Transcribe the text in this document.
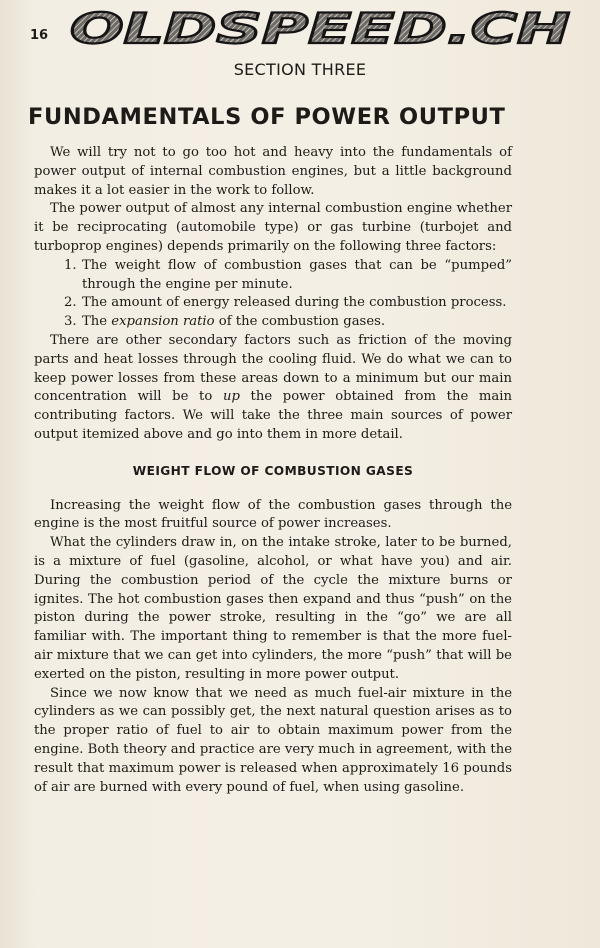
16 OLDSPEED.CH
SECTION THREE
FUNDAMENTALS OF POWER OUTPUT

We will try not to go too hot and heavy into the fundamentals of power output of internal combustion engines, but a little background makes it a lot easier in the work to follow.

The power output of almost any internal combustion engine whether it be reciprocating (automobile type) or gas turbine (turbojet and turboprop engines) depends primarily on the following three factors:

1. The weight flow of combustion gases that can be “pumped” through the engine per minute.
2. The amount of energy released during the combustion process.
3. The expansion ratio of the combustion gases.

There are other secondary factors such as friction of the moving parts and heat losses through the cooling fluid. We do what we can to keep power losses from these areas down to a minimum but our main concentration will be to up the power obtained from the main contributing factors. We will take the three main sources of power output itemized above and go into them in more detail.

WEIGHT FLOW OF COMBUSTION GASES

Increasing the weight flow of the combustion gases through the engine is the most fruitful source of power increases.

What the cylinders draw in, on the intake stroke, later to be burned, is a mixture of fuel (gasoline, alcohol, or what have you) and air. During the combustion period of the cycle the mixture burns or ignites. The hot combustion gases then expand and thus “push” on the piston during the power stroke, resulting in the “go” we are all familiar with. The important thing to remember is that the more fuel-air mixture that we can get into cylinders, the more “push” that will be exerted on the piston, resulting in more power output.

Since we now know that we need as much fuel-air mixture in the cylinders as we can possibly get, the next natural question arises as to the proper ratio of fuel to air to obtain maximum power from the engine. Both theory and practice are very much in agreement, with the result that maximum power is released when approximately 16 pounds of air are burned with every pound of fuel, when using gasoline.
